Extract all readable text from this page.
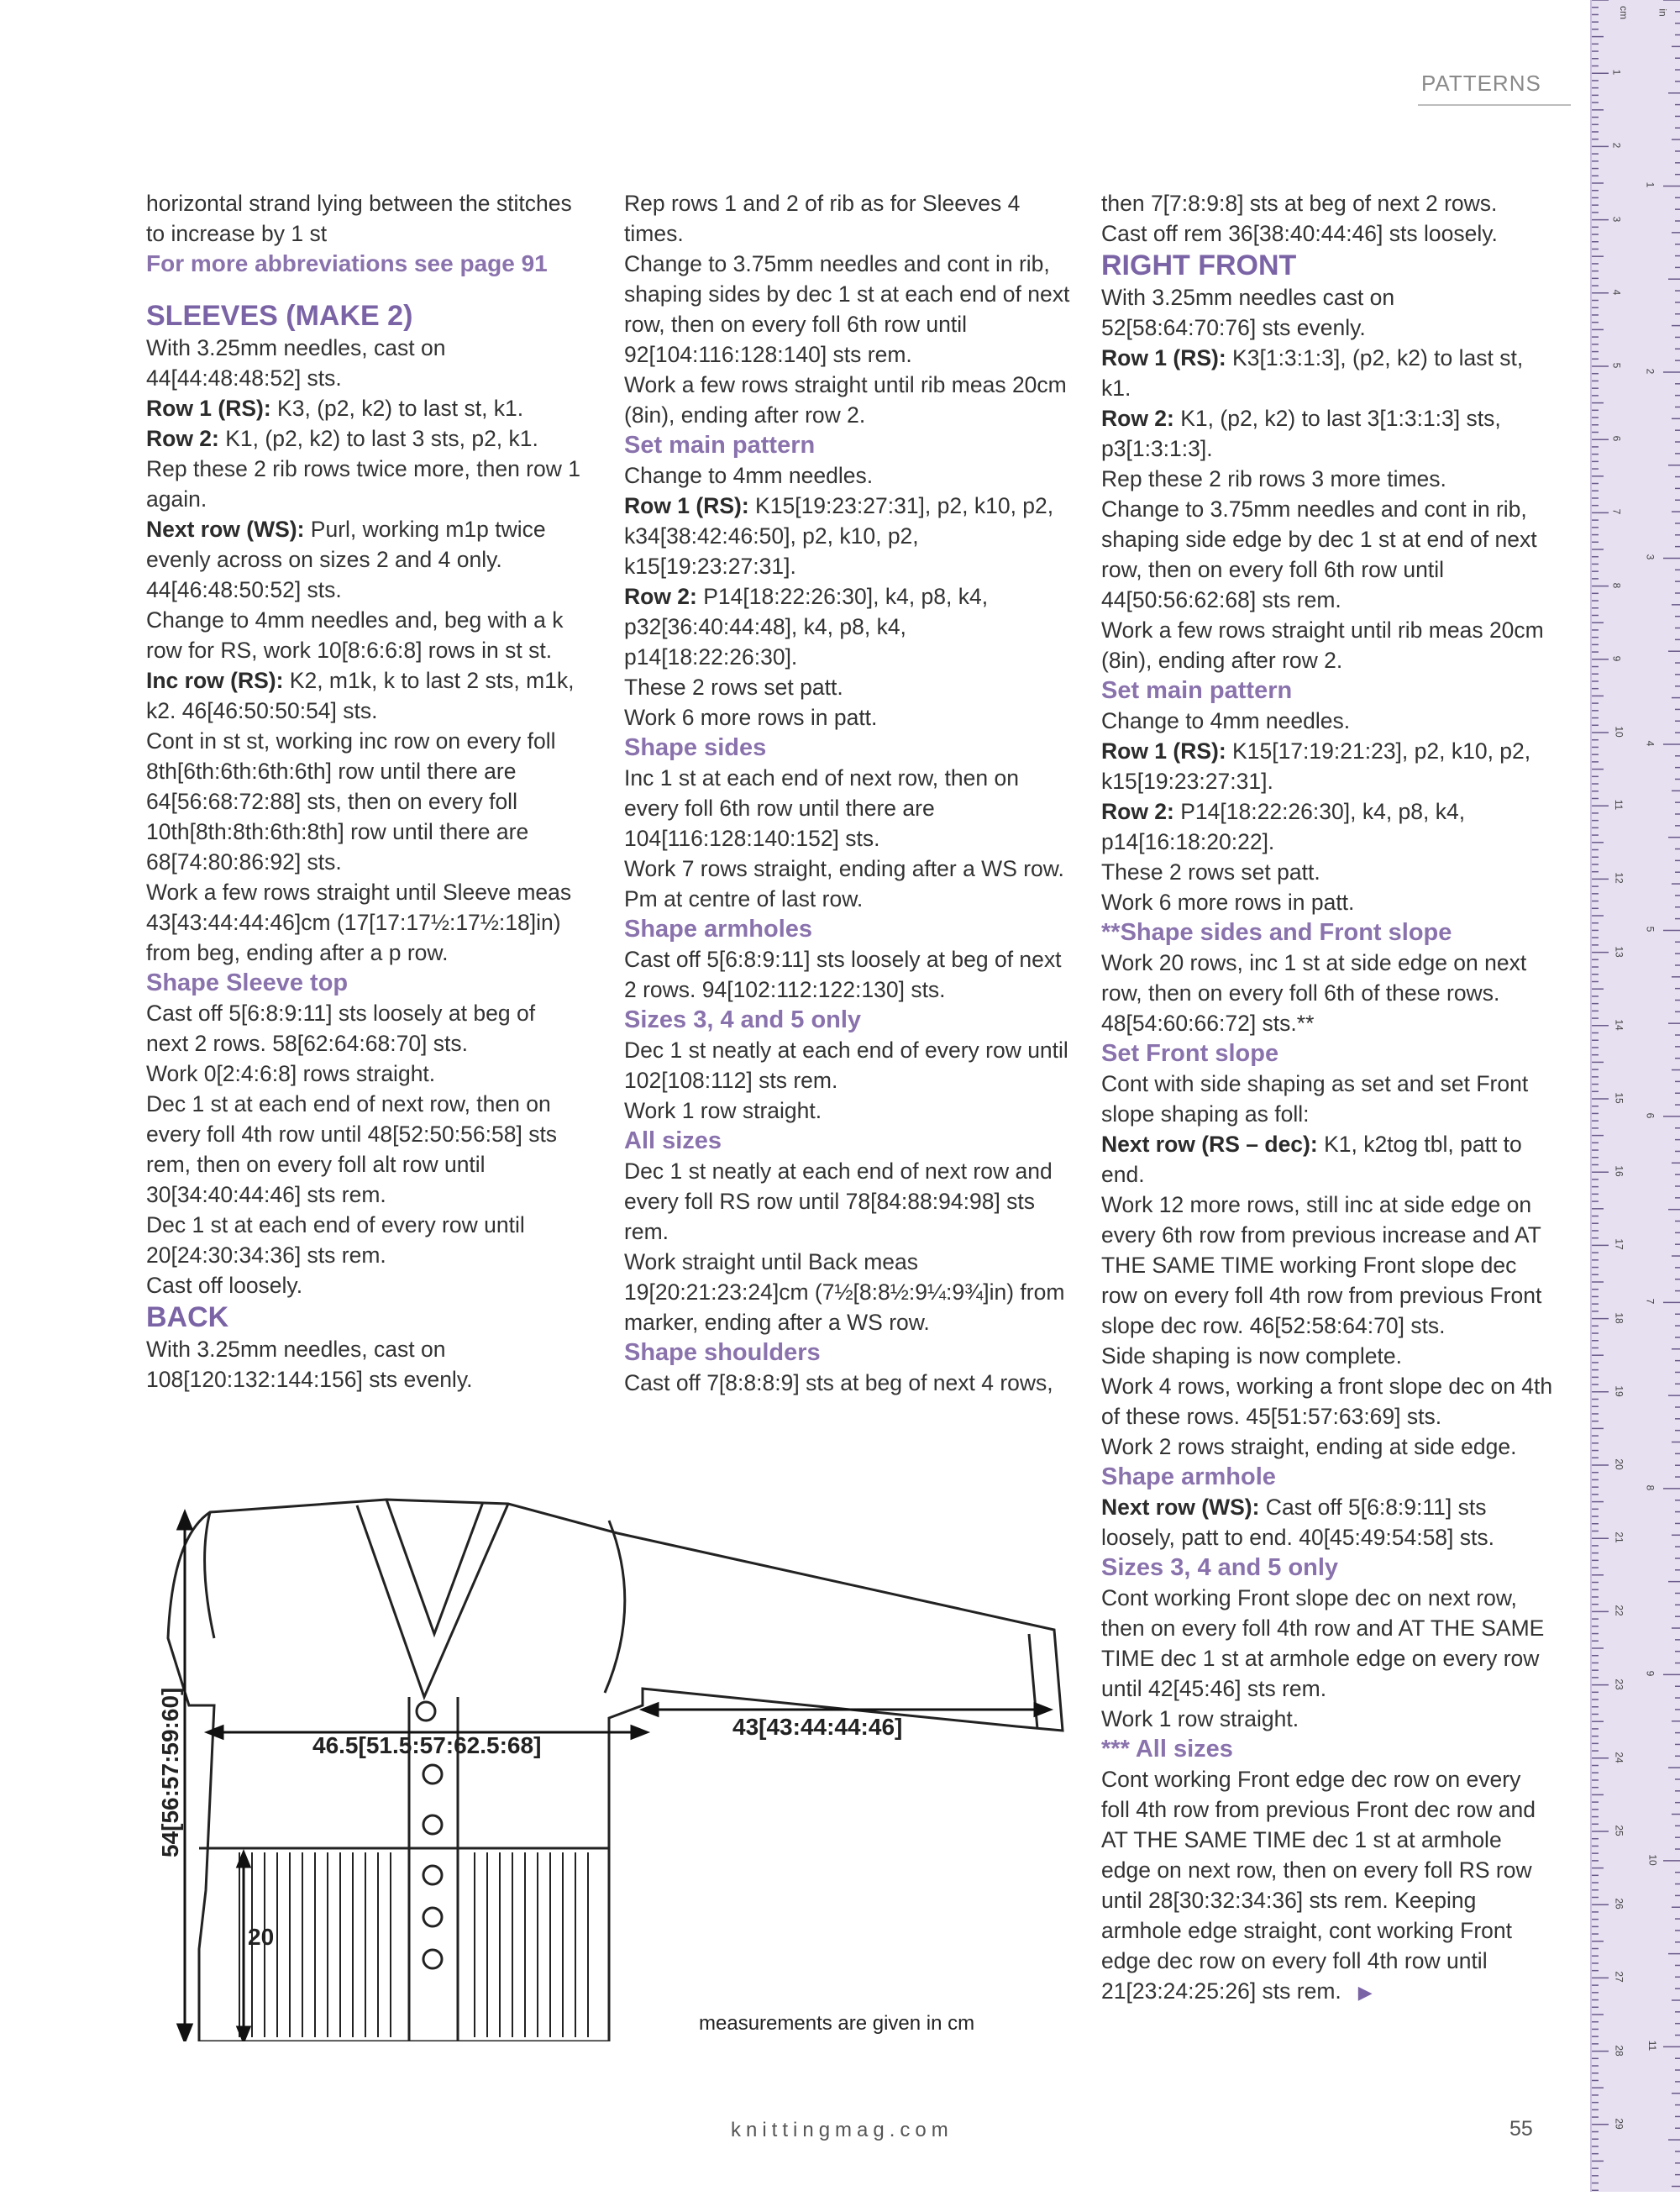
PATTERNS

horizontal strand lying between the stitches to increase by 1 st

For more abbreviations see page 91

SLEEVES (MAKE 2)

With 3.25mm needles, cast on 44[44:48:48:52] sts.

Row 1 (RS): K3, (p2, k2) to last st, k1.

Row 2: K1, (p2, k2) to last 3 sts, p2, k1.

Rep these 2 rib rows twice more, then row 1 again.

Next row (WS): Purl, working m1p twice evenly across on sizes 2 and 4 only. 44[46:48:50:52] sts.

Change to 4mm needles and, beg with a k row for RS, work 10[8:6:6:8] rows in st st.

Inc row (RS): K2, m1k, k to last 2 sts, m1k, k2. 46[46:50:50:54] sts.

Cont in st st, working inc row on every foll 8th[6th:6th:6th:6th] row until there are 64[56:68:72:88] sts, then on every foll 10th[8th:8th:6th:8th] row until there are 68[74:80:86:92] sts.

Work a few rows straight until Sleeve meas 43[43:44:44:46]cm (17[17:17½:17½:18]in) from beg, ending after a p row.

Shape Sleeve top

Cast off 5[6:8:9:11] sts loosely at beg of next 2 rows. 58[62:64:68:70] sts.

Work 0[2:4:6:8] rows straight.

Dec 1 st at each end of next row, then on every foll 4th row until 48[52:50:56:58] sts rem, then on every foll alt row until 30[34:40:44:46] sts rem.

Dec 1 st at each end of every row until 20[24:30:34:36] sts rem.

Cast off loosely.

BACK

With 3.25mm needles, cast on 108[120:132:144:156] sts evenly.

Rep rows 1 and 2 of rib as for Sleeves 4 times.

Change to 3.75mm needles and cont in rib, shaping sides by dec 1 st at each end of next row, then on every foll 6th row until 92[104:116:128:140] sts rem.

Work a few rows straight until rib meas 20cm (8in), ending after row 2.

Set main pattern

Change to 4mm needles.

Row 1 (RS): K15[19:23:27:31], p2, k10, p2, k34[38:42:46:50], p2, k10, p2, k15[19:23:27:31].

Row 2: P14[18:22:26:30], k4, p8, k4, p32[36:40:44:48], k4, p8, k4, p14[18:22:26:30].

These 2 rows set patt.

Work 6 more rows in patt.

Shape sides

Inc 1 st at each end of next row, then on every foll 6th row until there are 104[116:128:140:152] sts.

Work 7 rows straight, ending after a WS row.

Pm at centre of last row.

Shape armholes

Cast off 5[6:8:9:11] sts loosely at beg of next 2 rows. 94[102:112:122:130] sts.

Sizes 3, 4 and 5 only

Dec 1 st neatly at each end of every row until 102[108:112] sts rem.

Work 1 row straight.

All sizes

Dec 1 st neatly at each end of next row and every foll RS row until 78[84:88:94:98] sts rem.

Work straight until Back meas 19[20:21:23:24]cm (7½[8:8½:9¼:9¾]in) from marker, ending after a WS row.

Shape shoulders

Cast off 7[8:8:8:9] sts at beg of next 4 rows,

then 7[7:8:9:8] sts at beg of next 2 rows.

Cast off rem 36[38:40:44:46] sts loosely.

RIGHT FRONT

With 3.25mm needles cast on 52[58:64:70:76] sts evenly.

Row 1 (RS): K3[1:3:1:3], (p2, k2) to last st, k1.

Row 2: K1, (p2, k2) to last 3[1:3:1:3] sts, p3[1:3:1:3].

Rep these 2 rib rows 3 more times.

Change to 3.75mm needles and cont in rib, shaping side edge by dec 1 st at end of next row, then on every foll 6th row until 44[50:56:62:68] sts rem.

Work a few rows straight until rib meas 20cm (8in), ending after row 2.

Set main pattern

Change to 4mm needles.

Row 1 (RS): K15[17:19:21:23], p2, k10, p2, k15[19:23:27:31].

Row 2: P14[18:22:26:30], k4, p8, k4, p14[16:18:20:22].

These 2 rows set patt.

Work 6 more rows in patt.

**Shape sides and Front slope

Work 20 rows, inc 1 st at side edge on next row, then on every foll 6th of these rows. 48[54:60:66:72] sts.**

Set Front slope

Cont with side shaping as set and set Front slope shaping as foll:

Next row (RS – dec): K1, k2tog tbl, patt to end.

Work 12 more rows, still inc at side edge on every 6th row from previous increase and AT THE SAME TIME working Front slope dec row on every foll 4th row from previous Front slope dec row. 46[52:58:64:70] sts.

Side shaping is now complete.

Work 4 rows, working a front slope dec on 4th of these rows. 45[51:57:63:69] sts.

Work 2 rows straight, ending at side edge.

Shape armhole

Next row (WS): Cast off 5[6:8:9:11] sts loosely, patt to end. 40[45:49:54:58] sts.

Sizes 3, 4 and 5 only

Cont working Front slope dec on next row, then on every foll 4th row and AT THE SAME TIME dec 1 st at armhole edge on every row until 42[45:46] sts rem.

Work 1 row straight.

*** All sizes

Cont working Front edge dec row on every foll 4th row from previous Front dec row and AT THE SAME TIME dec 1 st at armhole edge on next row, then on every foll RS row until 28[30:32:34:36] sts rem. Keeping armhole edge straight, cont working Front edge dec row on every foll 4th row until 21[23:24:25:26] sts rem. ▶

54[56:57:59:60]	46.5[51.5:57:62.5:68]
43[43:44:44:46]
20
measurements are given in cm
knittingmag.com	55
cm	in
1
2
3
4
5
6
7
8
9
10
11
12
13
14
15
16
17
18
19
20
21
22
23
24
25
26
27
28
29
1
2
3
4
5
6
7
8
9
10
11
